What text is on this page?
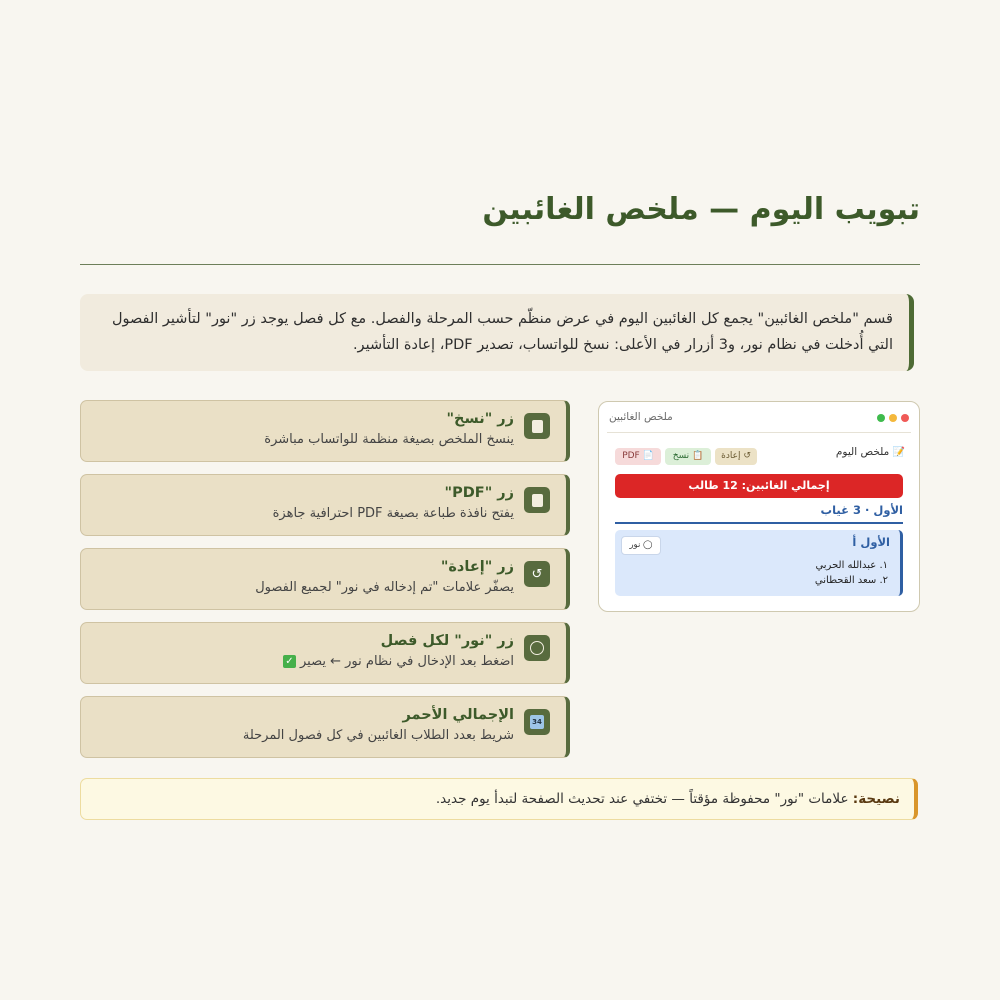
تبويب اليوم — ملخص الغائبين
قسم "ملخص الغائبين" يجمع كل الغائبين اليوم في عرض منظّم حسب المرحلة والفصل. مع كل فصل يوجد زر "نور" لتأشير الفصول التي أُدخلت في نظام نور، و3 أزرار في الأعلى: نسخ للواتساب، تصدير PDF، إعادة التأشير.
زر "نسخ"
ينسخ الملخص بصيغة منظمة للواتساب مباشرة
زر "PDF"
يفتح نافذة طباعة بصيغة PDF احترافية جاهزة
↺
زر "إعادة"
يصفّر علامات "تم إدخاله في نور" لجميع الفصول
زر "نور" لكل فصل
اضغط بعد الإدخال في نظام نور ← يصير✓
34
الإجمالي الأحمر
شريط بعدد الطلاب الغائبين في كل فصول المرحلة
ملخص الغائبين
📝 ملخص اليوم
↺ إعادة
📋 نسخ
📄 PDF
إجمالي الغائبين: 12 طالب
الأول · 3 غياب
الأول أ
◯ نور
١. عبدالله الحربي
٢. سعد القحطاني
نصيحة: علامات "نور" محفوظة مؤقتاً — تختفي عند تحديث الصفحة لتبدأ يوم جديد.
